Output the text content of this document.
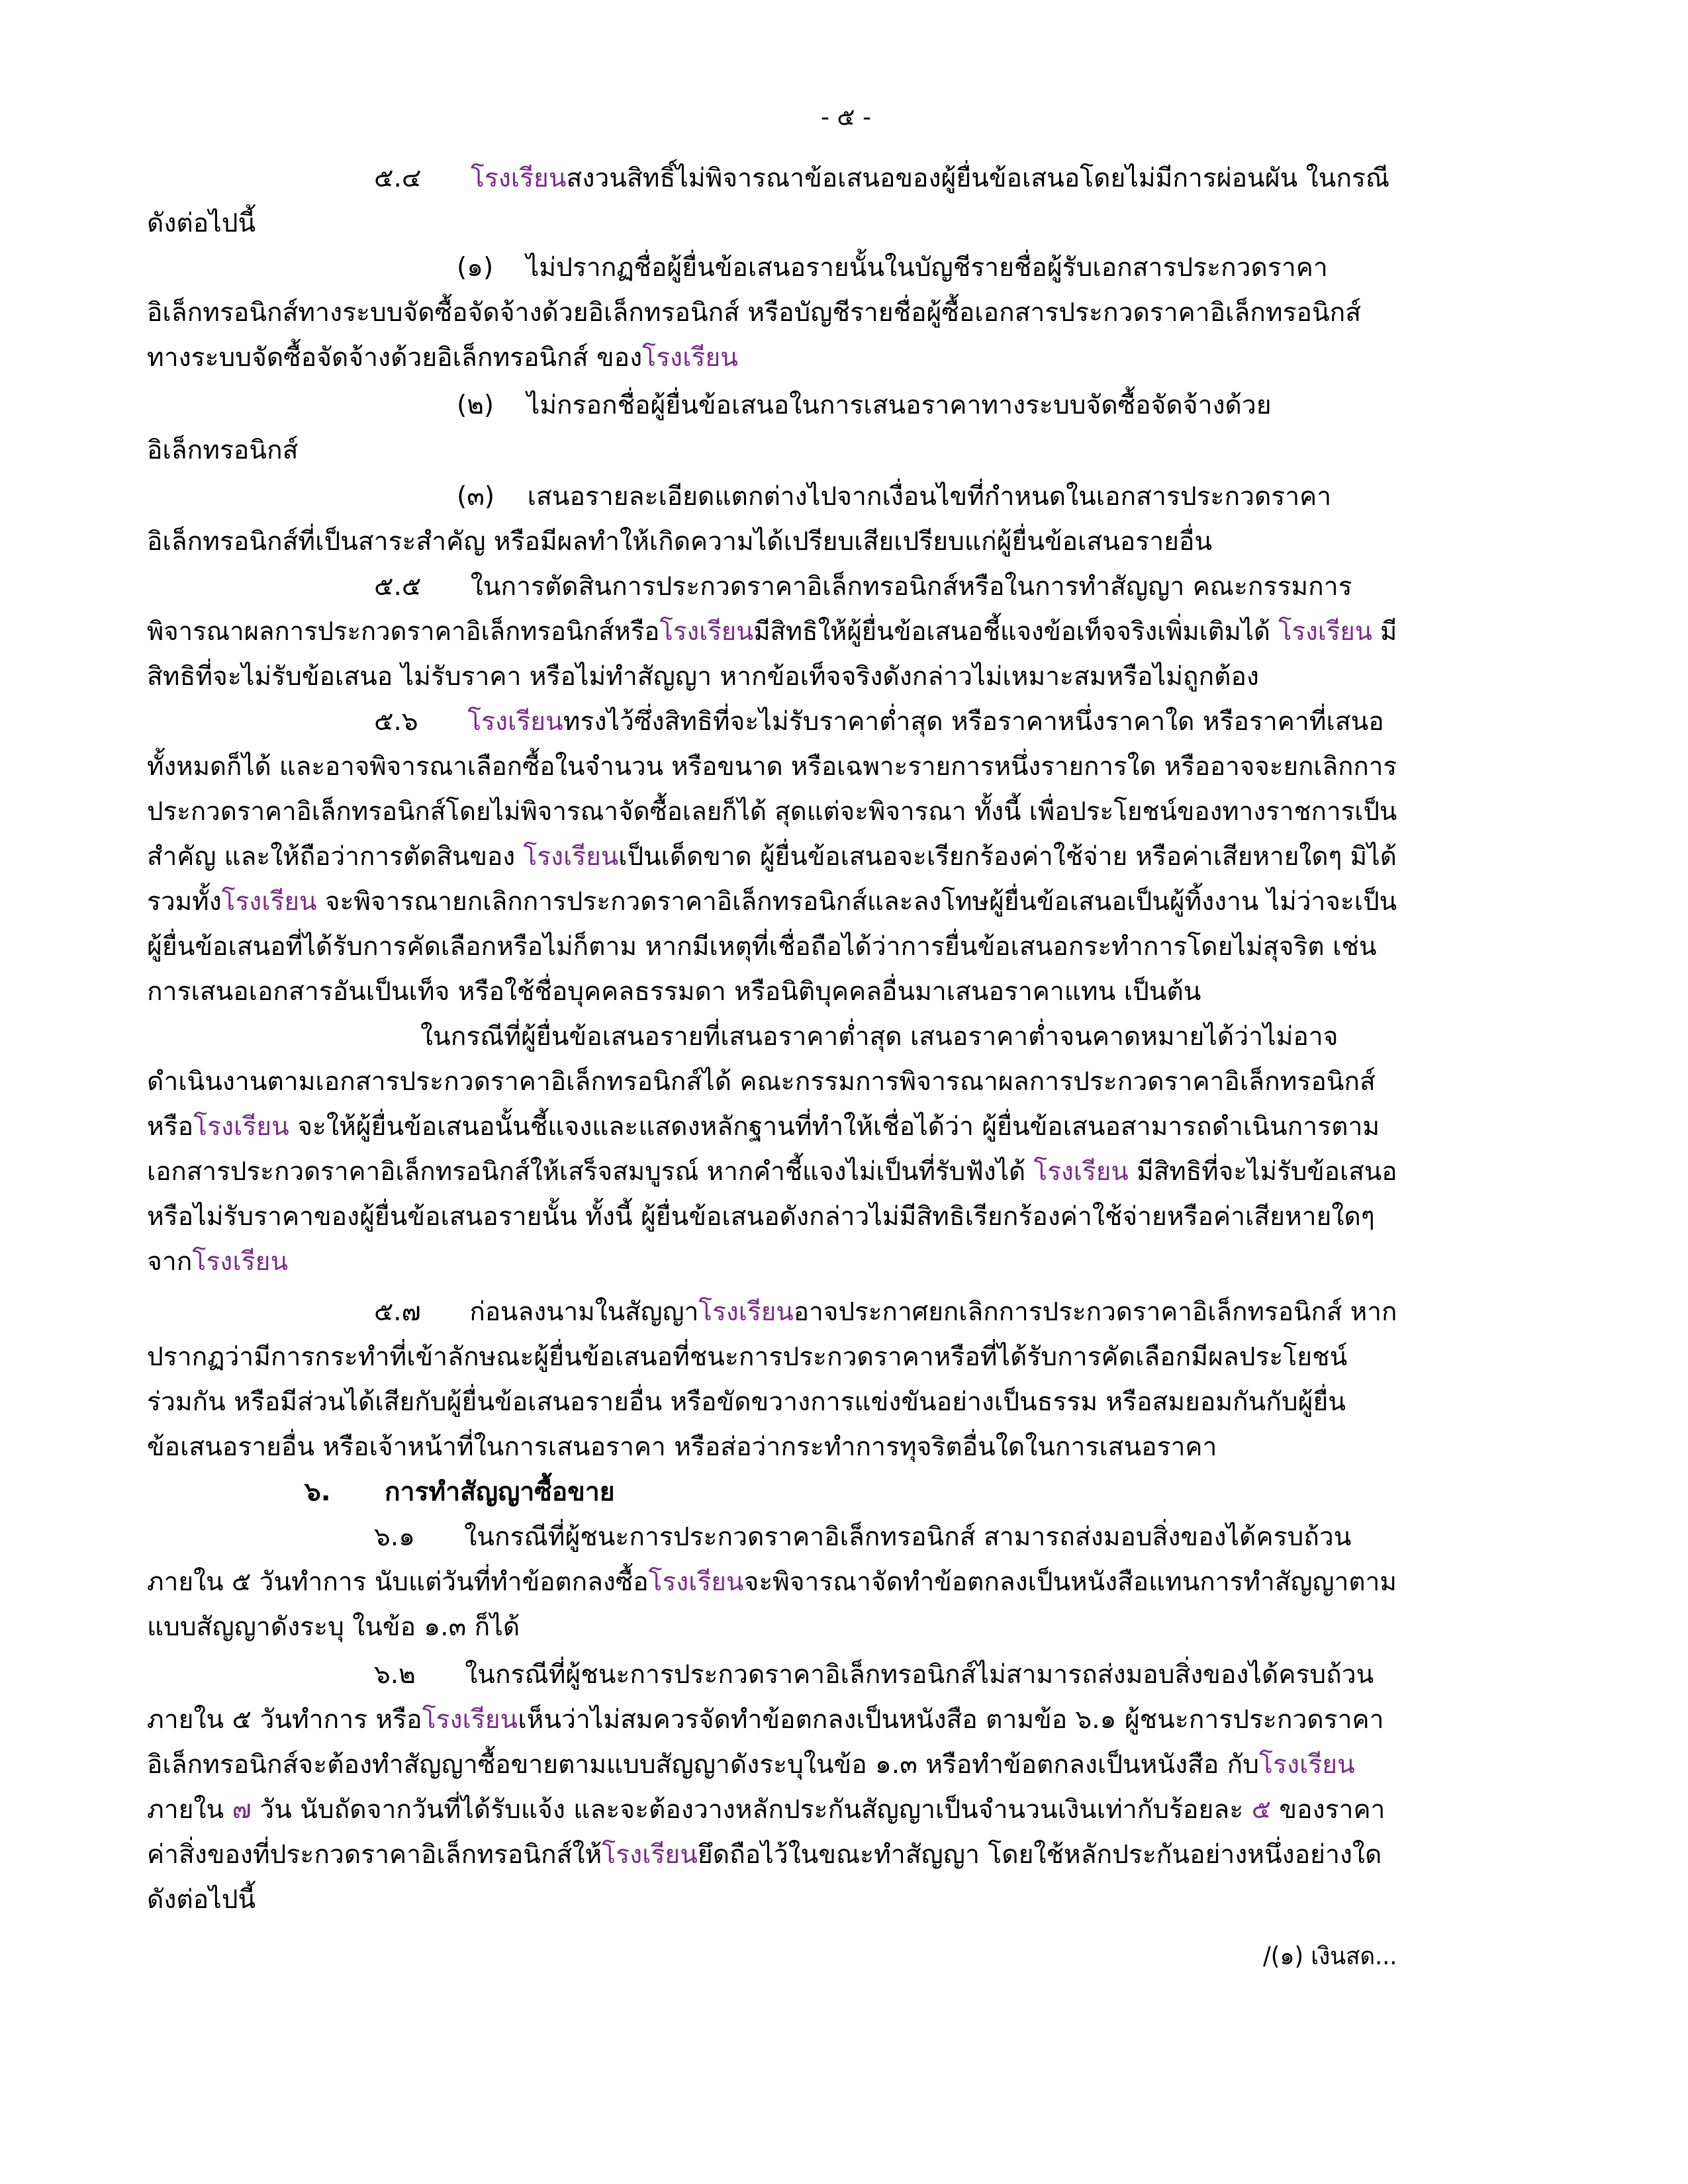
- ๕ -
๕.๔      โรงเรียนสงวนสิทธิ์ไม่พิจารณาข้อเสนอของผู้ยื่นข้อเสนอโดยไม่มีการผ่อนผัน ในกรณี
ดังต่อไปนี้
(๑)    ไม่ปรากฏชื่อผู้ยื่นข้อเสนอรายนั้นในบัญชีรายชื่อผู้รับเอกสารประกวดราคา
อิเล็กทรอนิกส์ทางระบบจัดซื้อจัดจ้างด้วยอิเล็กทรอนิกส์ หรือบัญชีรายชื่อผู้ซื้อเอกสารประกวดราคาอิเล็กทรอนิกส์
ทางระบบจัดซื้อจัดจ้างด้วยอิเล็กทรอนิกส์ ของโรงเรียน
(๒)    ไม่กรอกชื่อผู้ยื่นข้อเสนอในการเสนอราคาทางระบบจัดซื้อจัดจ้างด้วย
อิเล็กทรอนิกส์
(๓)    เสนอรายละเอียดแตกต่างไปจากเงื่อนไขที่กำหนดในเอกสารประกวดราคา
อิเล็กทรอนิกส์ที่เป็นสาระสำคัญ หรือมีผลทำให้เกิดความได้เปรียบเสียเปรียบแก่ผู้ยื่นข้อเสนอรายอื่น
๕.๕      ในการตัดสินการประกวดราคาอิเล็กทรอนิกส์หรือในการทำสัญญา คณะกรรมการ
พิจารณาผลการประกวดราคาอิเล็กทรอนิกส์หรือโรงเรียนมีสิทธิให้ผู้ยื่นข้อเสนอชี้แจงข้อเท็จจริงเพิ่มเติมได้ โรงเรียน มี
สิทธิที่จะไม่รับข้อเสนอ ไม่รับราคา หรือไม่ทำสัญญา หากข้อเท็จจริงดังกล่าวไม่เหมาะสมหรือไม่ถูกต้อง
๕.๖      โรงเรียนทรงไว้ซึ่งสิทธิที่จะไม่รับราคาต่ำสุด หรือราคาหนึ่งราคาใด หรือราคาที่เสนอ
ทั้งหมดก็ได้ และอาจพิจารณาเลือกซื้อในจำนวน หรือขนาด หรือเฉพาะรายการหนึ่งรายการใด หรืออาจจะยกเลิกการ
ประกวดราคาอิเล็กทรอนิกส์โดยไม่พิจารณาจัดซื้อเลยก็ได้ สุดแต่จะพิจารณา ทั้งนี้ เพื่อประโยชน์ของทางราชการเป็น
สำคัญ และให้ถือว่าการตัดสินของ โรงเรียนเป็นเด็ดขาด ผู้ยื่นข้อเสนอจะเรียกร้องค่าใช้จ่าย หรือค่าเสียหายใดๆ มิได้
รวมทั้งโรงเรียน จะพิจารณายกเลิกการประกวดราคาอิเล็กทรอนิกส์และลงโทษผู้ยื่นข้อเสนอเป็นผู้ทิ้งงาน ไม่ว่าจะเป็น
ผู้ยื่นข้อเสนอที่ได้รับการคัดเลือกหรือไม่ก็ตาม หากมีเหตุที่เชื่อถือได้ว่าการยื่นข้อเสนอกระทำการโดยไม่สุจริต เช่น
การเสนอเอกสารอันเป็นเท็จ หรือใช้ชื่อบุคคลธรรมดา หรือนิติบุคคลอื่นมาเสนอราคาแทน เป็นต้น
ในกรณีที่ผู้ยื่นข้อเสนอรายที่เสนอราคาต่ำสุด เสนอราคาต่ำจนคาดหมายได้ว่าไม่อาจ
ดำเนินงานตามเอกสารประกวดราคาอิเล็กทรอนิกส์ได้ คณะกรรมการพิจารณาผลการประกวดราคาอิเล็กทรอนิกส์
หรือโรงเรียน จะให้ผู้ยื่นข้อเสนอนั้นชี้แจงและแสดงหลักฐานที่ทำให้เชื่อได้ว่า ผู้ยื่นข้อเสนอสามารถดำเนินการตาม
เอกสารประกวดราคาอิเล็กทรอนิกส์ให้เสร็จสมบูรณ์ หากคำชี้แจงไม่เป็นที่รับฟังได้ โรงเรียน มีสิทธิที่จะไม่รับข้อเสนอ
หรือไม่รับราคาของผู้ยื่นข้อเสนอรายนั้น ทั้งนี้ ผู้ยื่นข้อเสนอดังกล่าวไม่มีสิทธิเรียกร้องค่าใช้จ่ายหรือค่าเสียหายใดๆ
จากโรงเรียน
๕.๗      ก่อนลงนามในสัญญาโรงเรียนอาจประกาศยกเลิกการประกวดราคาอิเล็กทรอนิกส์ หาก
ปรากฏว่ามีการกระทำที่เข้าลักษณะผู้ยื่นข้อเสนอที่ชนะการประกวดราคาหรือที่ได้รับการคัดเลือกมีผลประโยชน์
ร่วมกัน หรือมีส่วนได้เสียกับผู้ยื่นข้อเสนอรายอื่น หรือขัดขวางการแข่งขันอย่างเป็นธรรม หรือสมยอมกันกับผู้ยื่น
ข้อเสนอรายอื่น หรือเจ้าหน้าที่ในการเสนอราคา หรือส่อว่ากระทำการทุจริตอื่นใดในการเสนอราคา
๖.      การทำสัญญาซื้อขาย
๖.๑      ในกรณีที่ผู้ชนะการประกวดราคาอิเล็กทรอนิกส์ สามารถส่งมอบสิ่งของได้ครบถ้วน
ภายใน ๕ วันทำการ นับแต่วันที่ทำข้อตกลงซื้อโรงเรียนจะพิจารณาจัดทำข้อตกลงเป็นหนังสือแทนการทำสัญญาตาม
แบบสัญญาดังระบุ ในข้อ ๑.๓ ก็ได้
๖.๒      ในกรณีที่ผู้ชนะการประกวดราคาอิเล็กทรอนิกส์ไม่สามารถส่งมอบสิ่งของได้ครบถ้วน
ภายใน ๕ วันทำการ หรือโรงเรียนเห็นว่าไม่สมควรจัดทำข้อตกลงเป็นหนังสือ ตามข้อ ๖.๑ ผู้ชนะการประกวดราคา
อิเล็กทรอนิกส์จะต้องทำสัญญาซื้อขายตามแบบสัญญาดังระบุในข้อ ๑.๓ หรือทำข้อตกลงเป็นหนังสือ กับโรงเรียน
ภายใน ๗ วัน นับถัดจากวันที่ได้รับแจ้ง และจะต้องวางหลักประกันสัญญาเป็นจำนวนเงินเท่ากับร้อยละ ๕ ของราคา
ค่าสิ่งของที่ประกวดราคาอิเล็กทรอนิกส์ให้โรงเรียนยึดถือไว้ในขณะทำสัญญา โดยใช้หลักประกันอย่างหนึ่งอย่างใด
ดังต่อไปนี้
/(๑) เงินสด...
